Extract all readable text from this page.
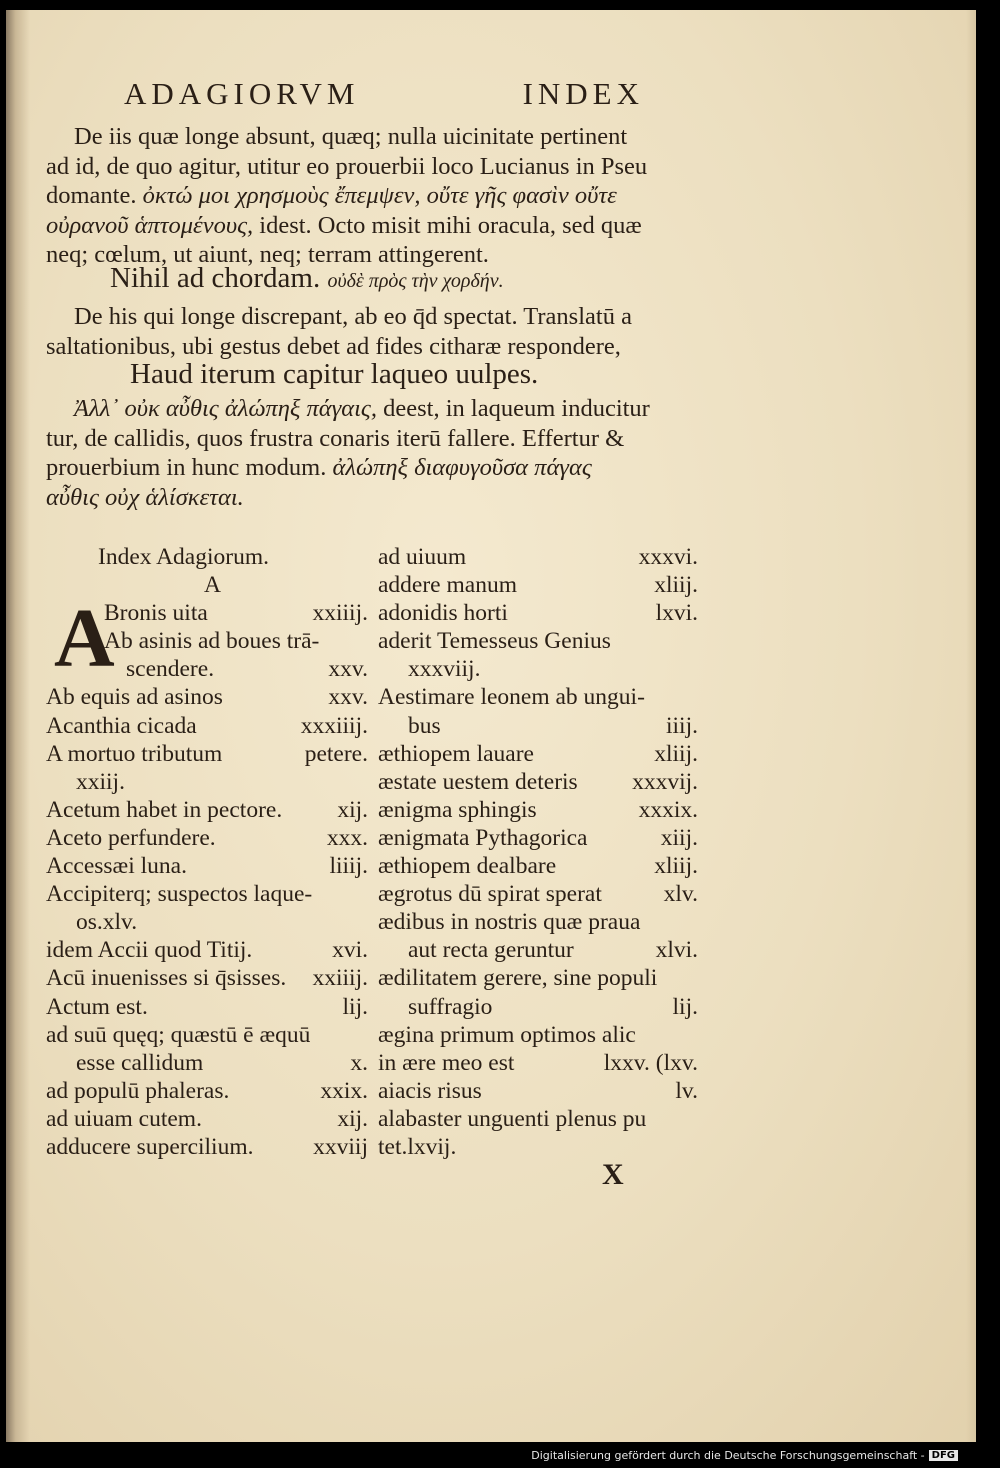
ADAGIORVM	INDEX

De iis quæ longe absunt, quæq; nulla uicinitate pertinent

ad id, de quo agitur, utitur eo prouerbii loco Lucianus in Pseu

domante. ὀκτώ μοι χρησμοὺς ἔπεμψεν, οὔτε γῆς φασὶν οὔτε

οὐρανοῦ ἁπτομένους, idest. Octo misit mihi oracula, sed quæ

neq; cœlum, ut aiunt, neq; terram attingerent.

Nihil ad chordam. οὐδὲ πρὸς τὴν χορδήν.

De his qui longe discrepant, ab eo q̄d spectat. Translatū a

saltationibus, ubi gestus debet ad fides citharæ respondere,

Haud iterum capitur laqueo uulpes.

Ἀλλ᾽ οὐκ αὖθις ἀλώπηξ πάγαις, deest, in laqueum inducitur

tur, de callidis, quos frustra conaris iterū fallere. Effertur &

prouerbium in hunc modum. ἀλώπηξ διαφυγοῦσα πάγας

αὖθις οὐχ ἁλίσκεται.

Index Adagiorum.
A
A
Bronis uita	xxiiij.
Ab asinis ad boues trā-
scendere.	xxv.
Ab equis ad asinos	xxv.
Acanthia cicada	xxxiiij.
A mortuo tributum	petere.
xxiij.
Acetum habet in pectore. xij.
Aceto perfundere.	xxx.
Accessæi luna.	liiij.
Accipiterq; suspectos laque-
os.xlv.
idem Accii quod Titij.	xvi.
Acū inuenisses si q̄sisses. xxiiij.
Actum est.	lij.
ad suū quęq; quæstū ē æquū
esse callidum	x.
ad populū phaleras.	xxix.
ad uiuam cutem.	xij.
adducere supercilium.	xxviij
ad uiuum	xxxvi.
addere manum	xliij.
adonidis horti	lxvi.
aderit Temesseus Genius
xxxviij.
Aestimare leonem ab ungui-
bus	iiij.
æthiopem lauare	xliij.
æstate uestem deteris xxxvij.
ænigma sphingis	xxxix.
ænigmata Pythagorica	xiij.
æthiopem dealbare	xliij.
ægrotus dū spirat sperat	xlv.
ædibus in nostris quæ praua
aut recta geruntur	xlvi.
ædilitatem gerere, sine populi
suffragio	lij.
ægina primum optimos alic
in ære meo est	lxxv. (lxv.
aiacis risus	lv.
alabaster unguenti plenus pu
tet.lxvij.
X
Digitalisierung gefördert durch die Deutsche Forschungsgemeinschaft - DFG
